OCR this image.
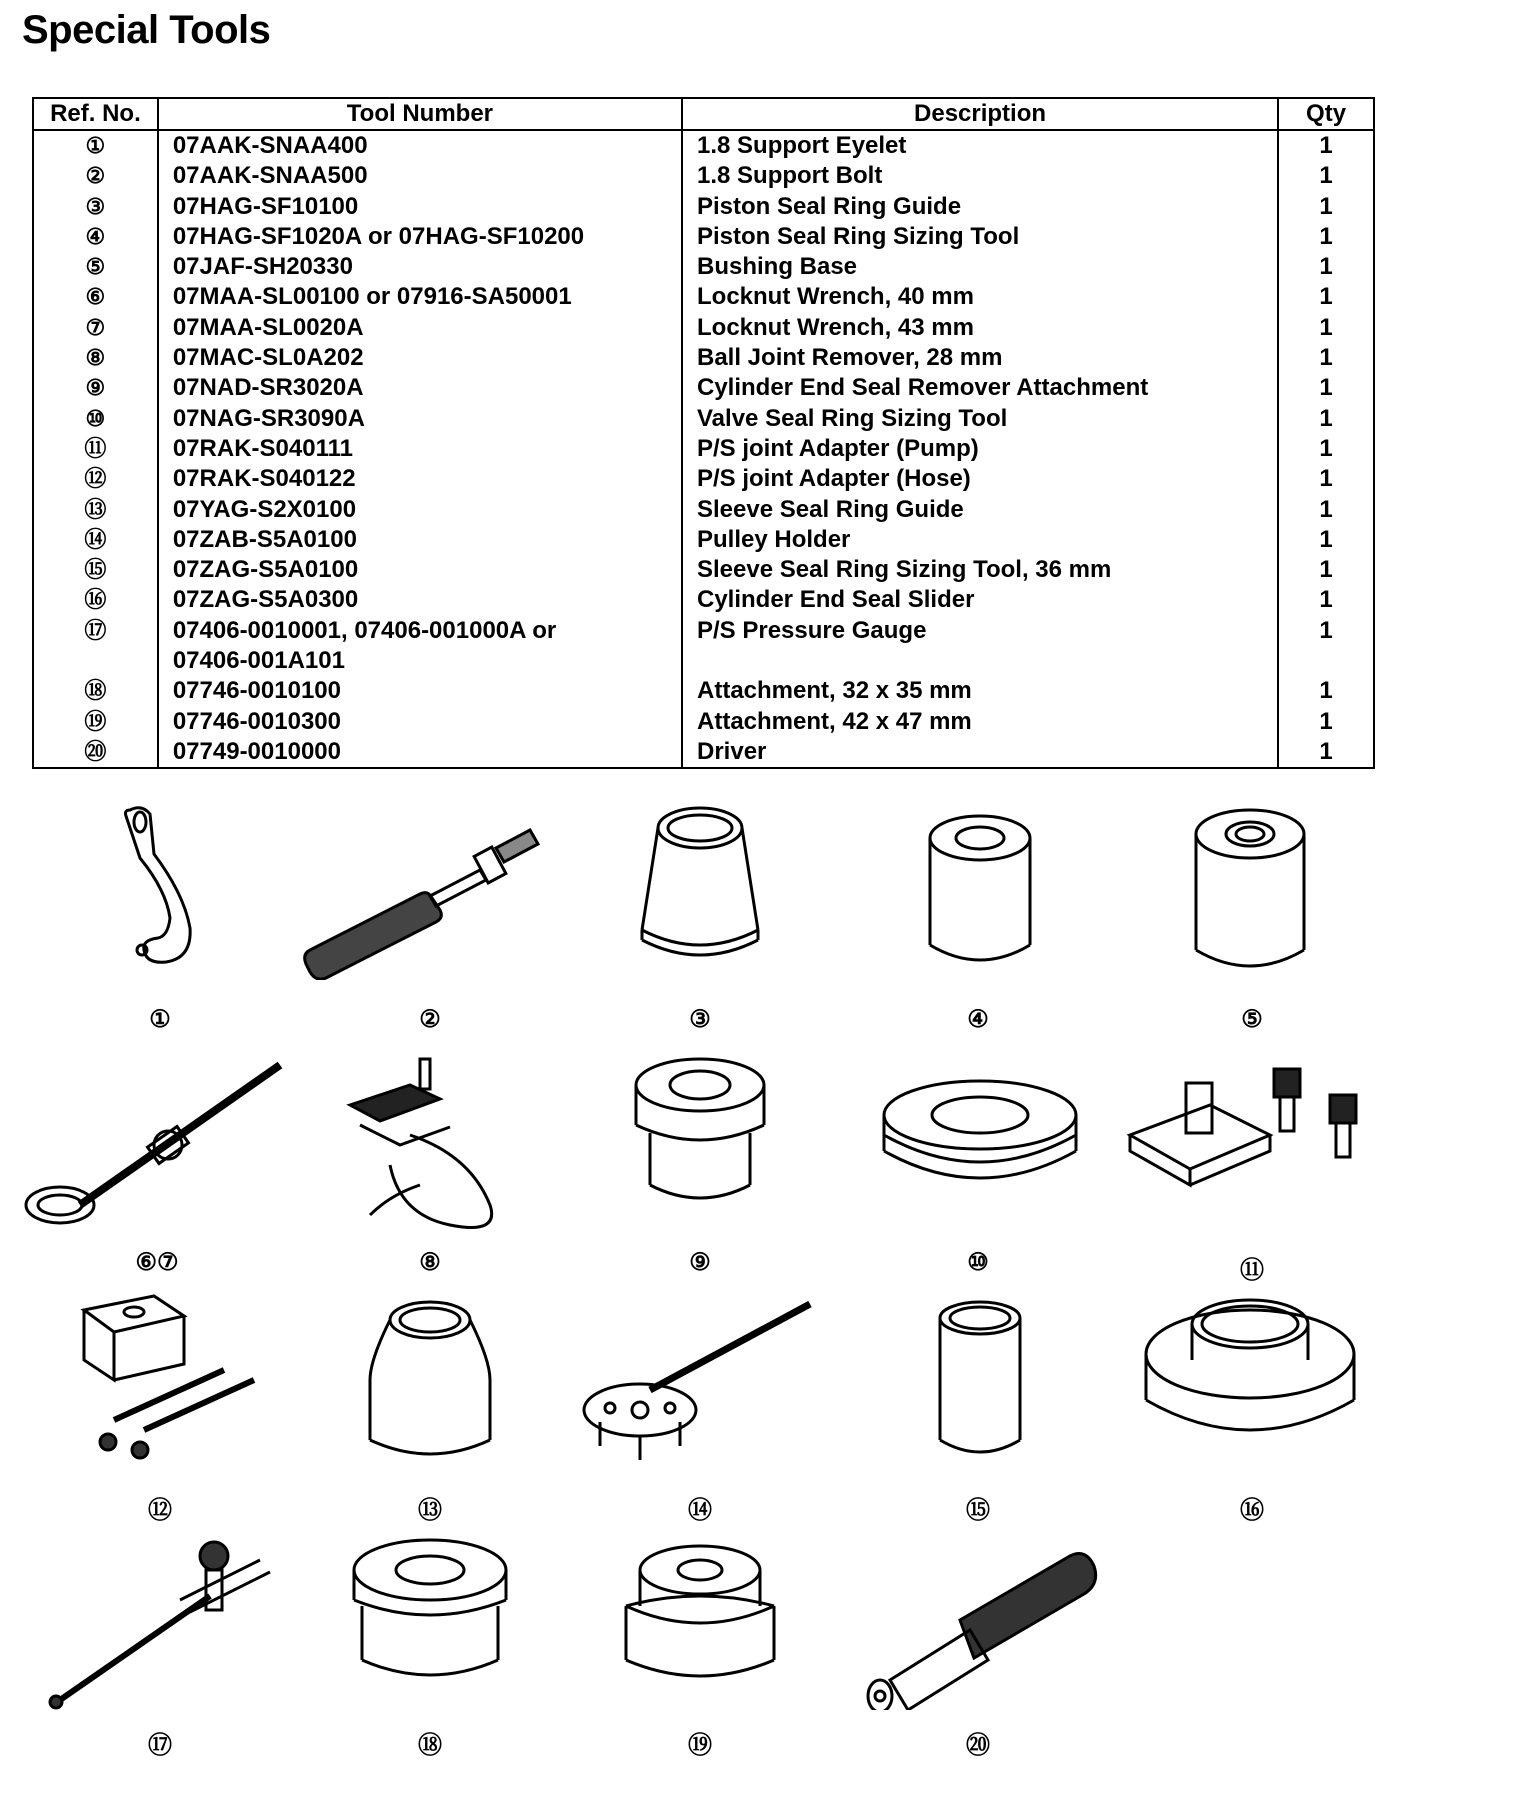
Special Tools
Ref. No.	Tool Number	Description	Qty
①	07AAK-SNAA400	1.8 Support Eyelet	1
②	07AAK-SNAA500	1.8 Support Bolt	1
③	07HAG-SF10100	Piston Seal Ring Guide	1
④	07HAG-SF1020A or 07HAG-SF10200	Piston Seal Ring Sizing Tool	1
⑤	07JAF-SH20330	Bushing Base	1
⑥	07MAA-SL00100 or 07916-SA50001	Locknut Wrench, 40 mm	1
⑦	07MAA-SL0020A	Locknut Wrench, 43 mm	1
⑧	07MAC-SL0A202	Ball Joint Remover, 28 mm	1
⑨	07NAD-SR3020A	Cylinder End Seal Remover Attachment	1
⑩	07NAG-SR3090A	Valve Seal Ring Sizing Tool	1
⑪	07RAK-S040111	P/S joint Adapter (Pump)	1
⑫	07RAK-S040122	P/S joint Adapter (Hose)	1
⑬	07YAG-S2X0100	Sleeve Seal Ring Guide	1
⑭	07ZAB-S5A0100	Pulley Holder	1
⑮	07ZAG-S5A0100	Sleeve Seal Ring Sizing Tool, 36 mm	1
⑯	07ZAG-S5A0300	Cylinder End Seal Slider	1
⑰	07406-0010001, 07406-001000A or	P/S Pressure Gauge	1
	07406-001A101		
⑱	07746-0010100	Attachment, 32 x 35 mm	1
⑲	07746-0010300	Attachment, 42 x 47 mm	1
⑳	07749-0010000	Driver	1
①	②	③	④	⑤
⑥⑦	⑧	⑨	⑩	⑪
⑫	⑬	⑭	⑮	⑯
⑰	⑱	⑲	⑳
